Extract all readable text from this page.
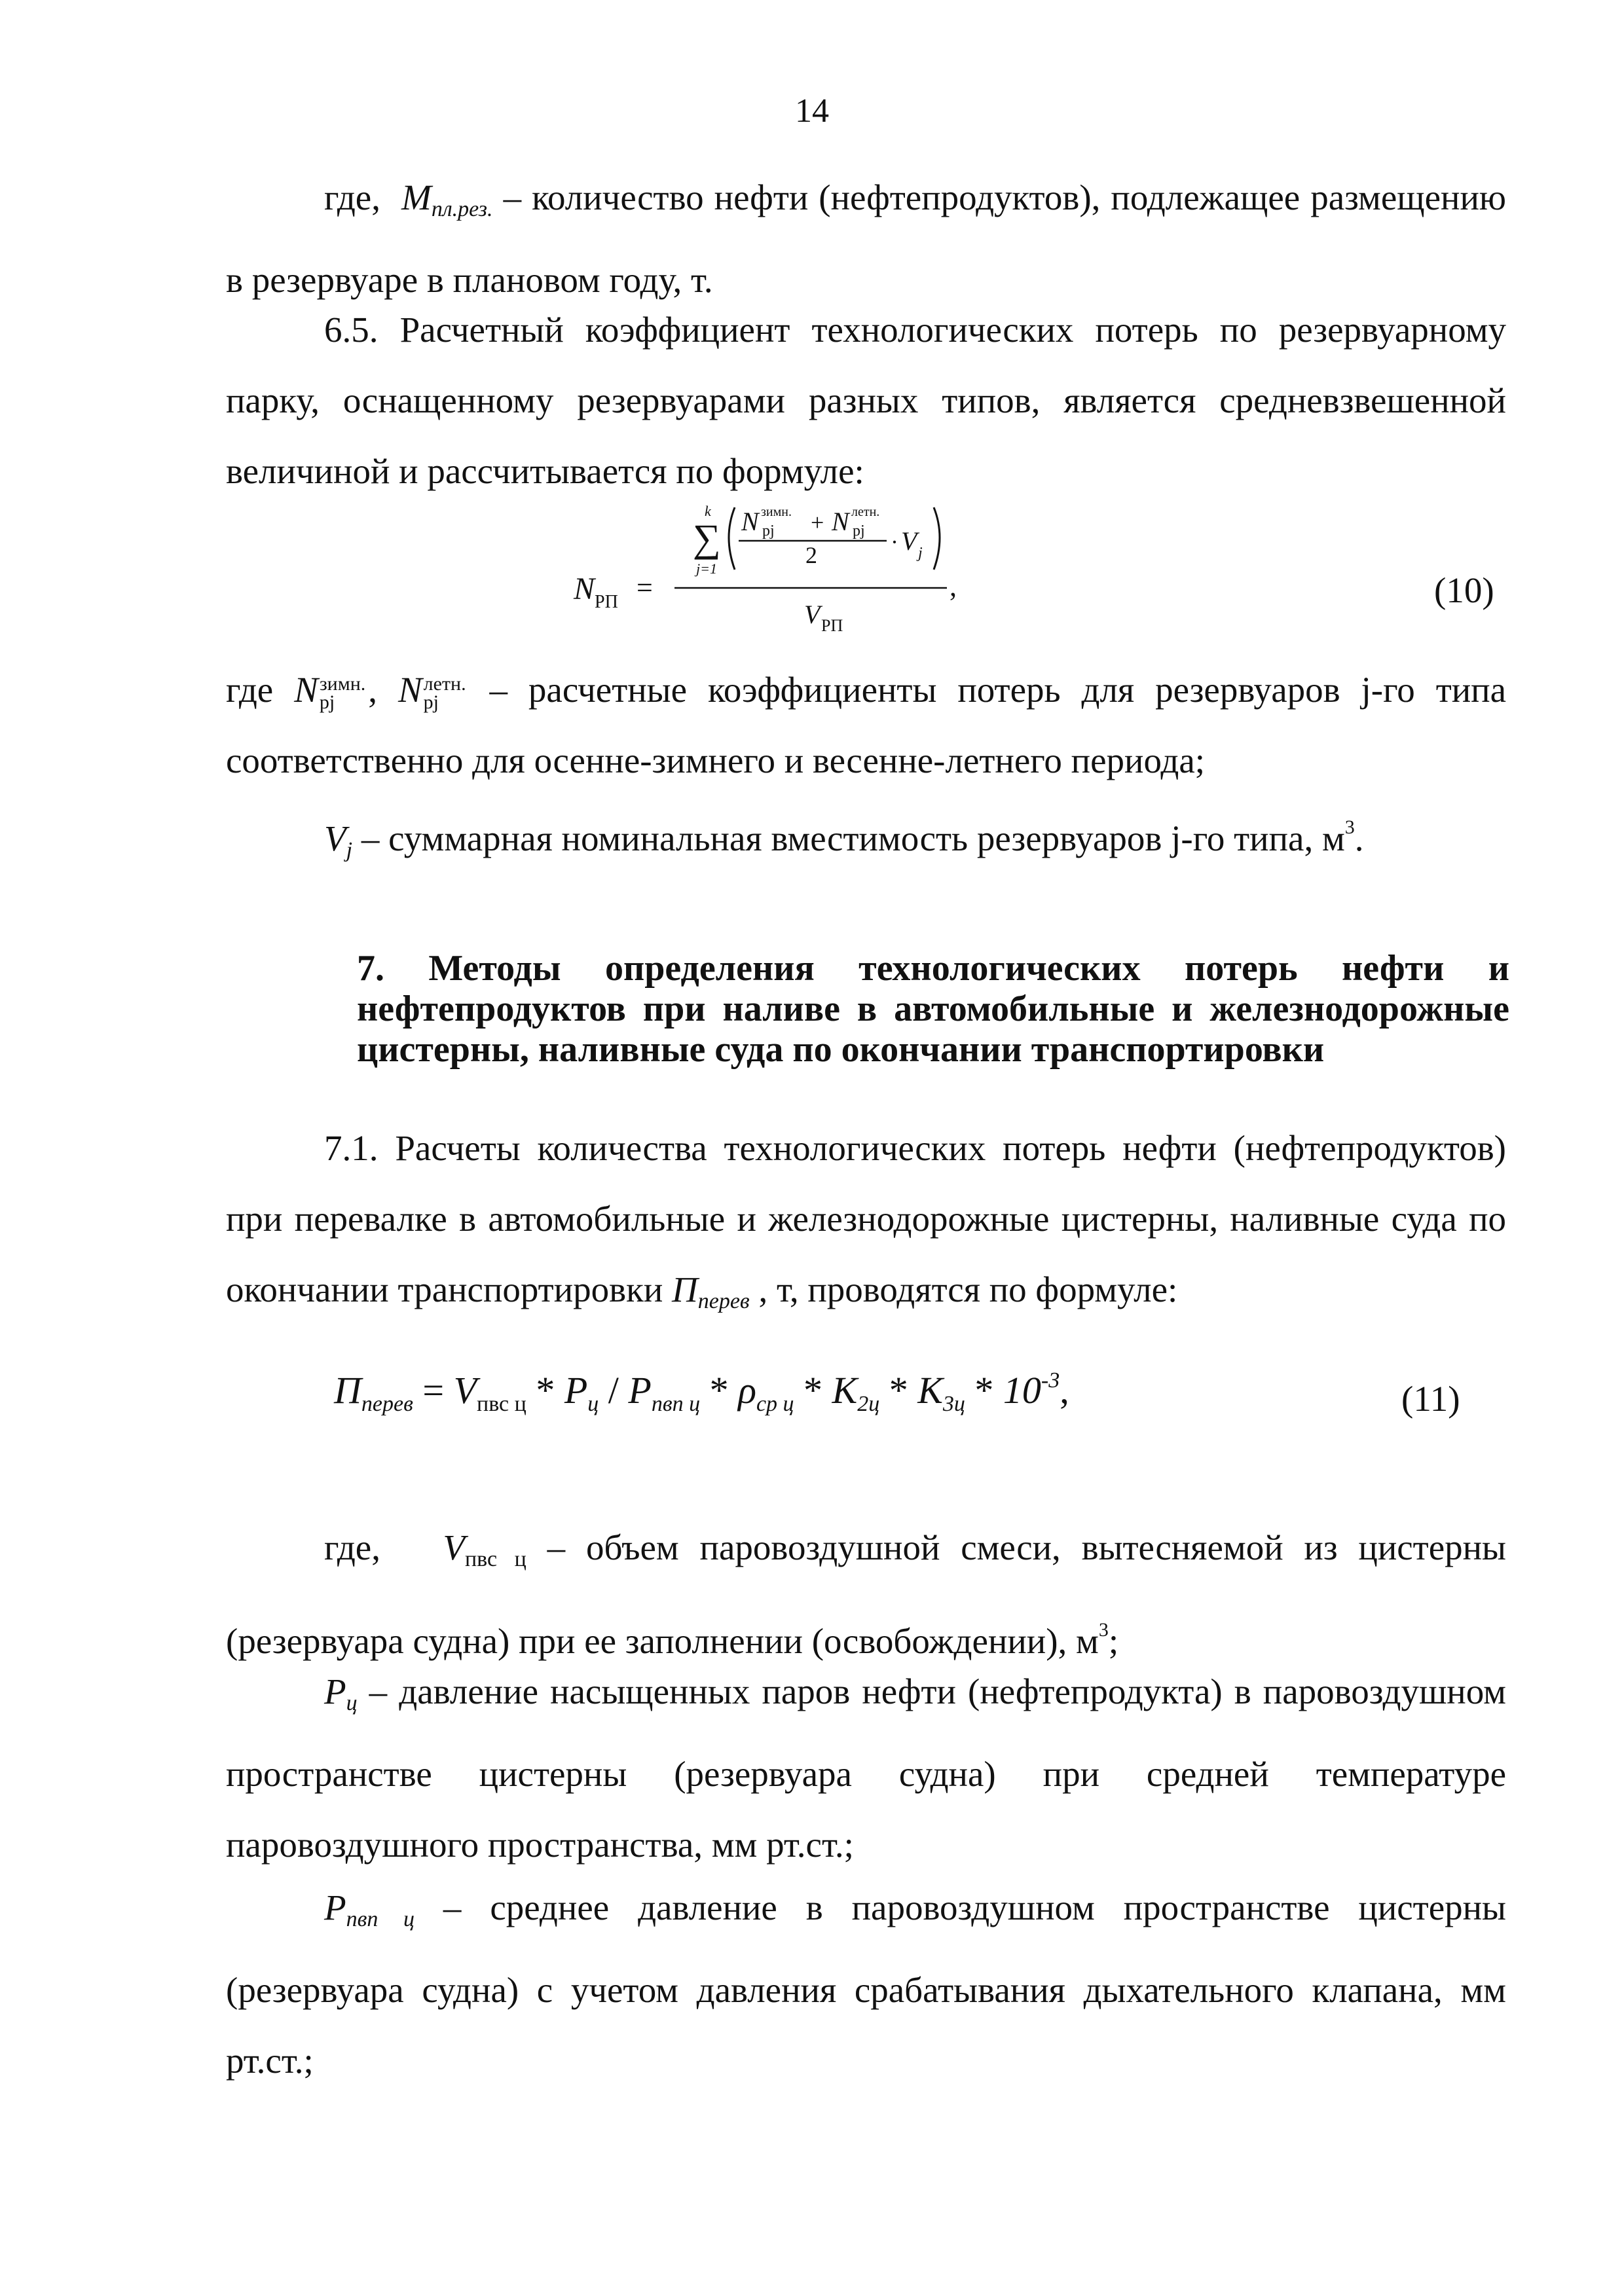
14

где, Mпл.рез. – количество нефти (нефтепродуктов), подлежащее размещению в резервуаре в плановом году, т.

6.5. Расчетный коэффициент технологических потерь по резервуарному парку, оснащенному резервуарами разных типов, является средневзвешенной величиной и рассчитывается по формуле:

N РП =
k
∑
j=1
N зимн.
рj + N летн.
рj
2	· V j
V РП
,	(10)

где N зимн.
рj , N летн.
рj – расчетные коэффициенты потерь для резервуаров j-го типа соответственно для осенне-зимнего и весенне-летнего периода;

Vj – суммарная номинальная вместимость резервуаров j-го типа, $м^3$.

7. Методы определения технологических потерь нефти и нефтепродуктов при наливе в автомобильные и железнодорожные цистерны, наливные суда по окончании транспортировки

7.1. Расчеты количества технологических потерь нефти (нефтепродуктов) при перевалке в автомобильные и железнодорожные цистерны, наливные суда по окончании транспортировки Пперев , т, проводятся по формуле:

$П_{перев} = V_{пвс ц} * P_ц / P_{пвп ц} * \rho_{ср ц} * K_{2ц} * K_{3ц} * 10^{-3}$,	(11)

где, Vпвс ц – объем паровоздушной смеси, вытесняемой из цистерны (резервуара судна) при ее заполнении (освобождении), $м^3$;

Pц – давление насыщенных паров нефти (нефтепродукта) в паровоздушном пространстве цистерны (резервуара судна) при средней температуре паровоздушного пространства, мм рт.ст.;

Pпвп ц – среднее давление в паровоздушном пространстве цистерны (резервуара судна) с учетом давления срабатывания дыхательного клапана, мм рт.ст.;
